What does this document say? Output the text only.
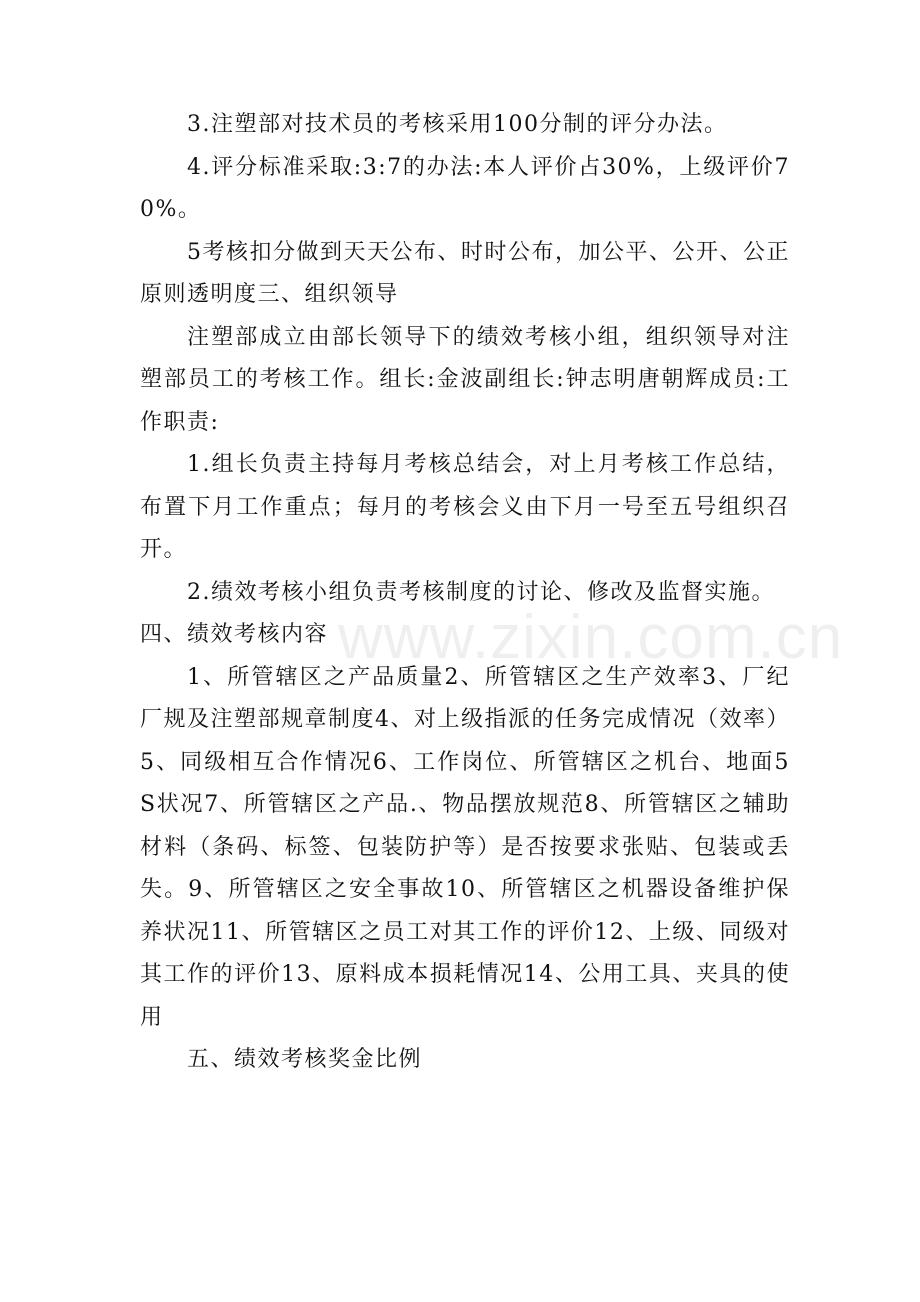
www.zixin.com.cn

3.注塑部对技术员的考核采用100分制的评分办法。

4.评分标准采取:3:7的办法:本人评价占30%，上级评价70%。

5考核扣分做到天天公布、时时公布，加公平、公开、公正原则透明度三、组织领导

注塑部成立由部长领导下的绩效考核小组，组织领导对注塑部员工的考核工作。组长:金波副组长:钟志明唐朝辉成员:工作职责:

1.组长负责主持每月考核总结会，对上月考核工作总结，布置下月工作重点；每月的考核会义由下月一号至五号组织召开。

2.绩效考核小组负责考核制度的讨论、修改及监督实施。

四、绩效考核内容

1、所管辖区之产品质量2、所管辖区之生产效率3、厂纪厂规及注塑部规章制度4、对上级指派的任务完成情况（效率）5、同级相互合作情况6、工作岗位、所管辖区之机台、地面5S状况7、所管辖区之产品.、物品摆放规范8、所管辖区之辅助材料（条码、标签、包装防护等）是否按要求张贴、包装或丢失。9、所管辖区之安全事故10、所管辖区之机器设备维护保养状况11、所管辖区之员工对其工作的评价12、上级、同级对其工作的评价13、原料成本损耗情况14、公用工具、夹具的使用

五、绩效考核奖金比例
